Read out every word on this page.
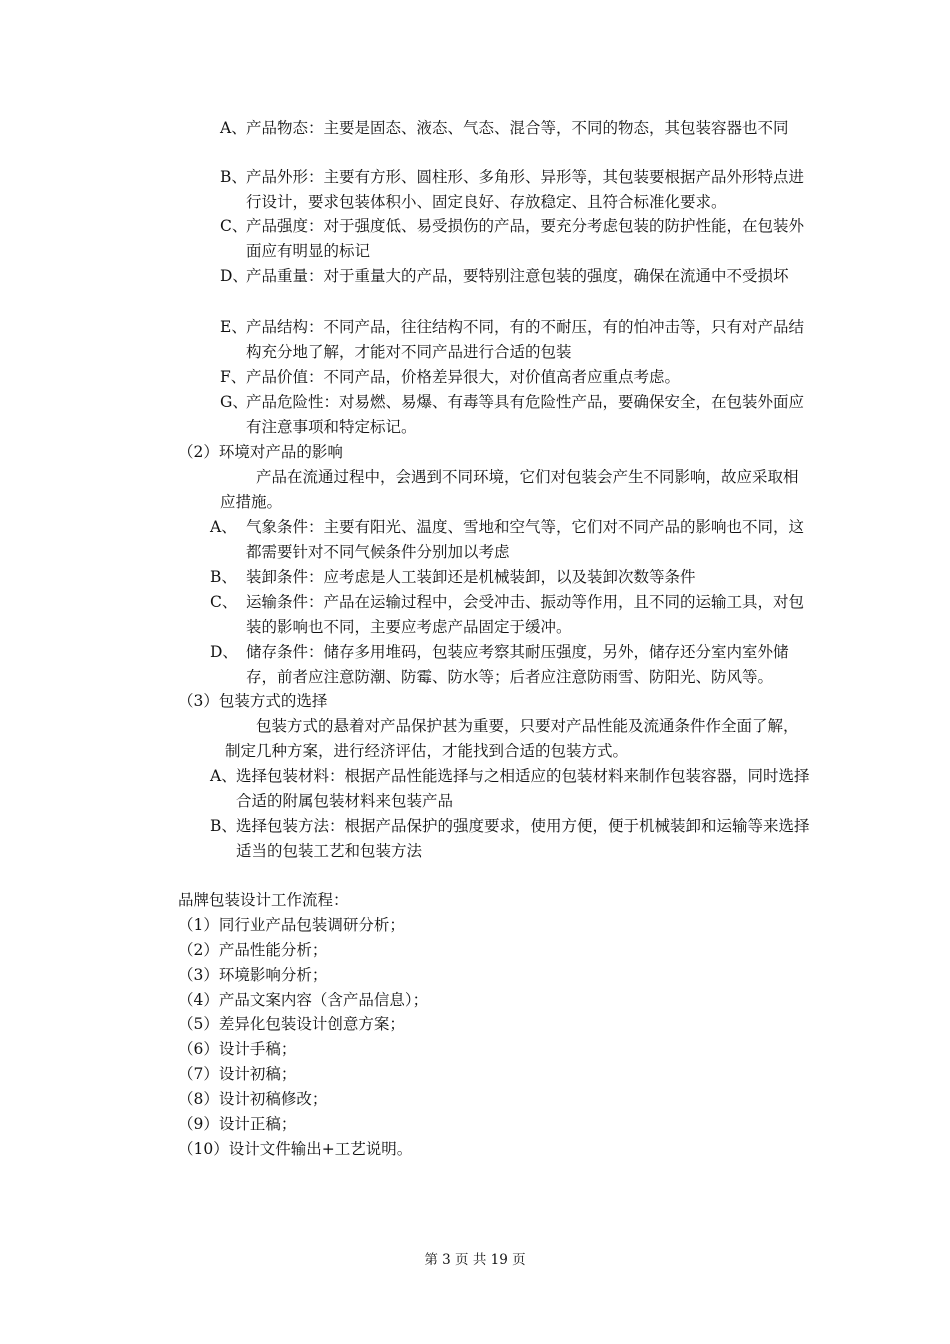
A、 产品物态：主要是固态、液态、气态、混合等，不同的物态，其包装容器也不同
B、 产品外形：主要有方形、圆柱形、多角形、异形等，其包装要根据产品外形特点进行设计，要求包装体积小、固定良好、存放稳定、且符合标准化要求。
C、
产品强度：对于强度低、易受损伤的产品，要充分考虑包装的防护性能，在包装外面应有明显的标记
D、
产品重量：对于重量大的产品，要特别注意包装的强度，确保在流通中不受损坏
E、 产品结构：不同产品，往往结构不同，有的不耐压，有的怕冲击等，只有对产品结构充分地了解，才能对不同产品进行合适的包装
F、 产品价值：不同产品，价格差异很大，对价值高者应重点考虑。
G、
产品危险性：对易燃、易爆、有毒等具有危险性产品，要确保安全，在包装外面应有注意事项和特定标记。

（2）环境对产品的影响

产品在流通过程中，会遇到不同环境，它们对包装会产生不同影响，故应采取相应措施。

A、 气象条件：主要有阳光、温度、雪地和空气等，它们对不同产品的影响也不同，这都需要针对不同气候条件分别加以考虑
B、 装卸条件：应考虑是人工装卸还是机械装卸，以及装卸次数等条件
C、 运输条件：产品在运输过程中，会受冲击、振动等作用，且不同的运输工具，对包装的影响也不同，主要应考虑产品固定于缓冲。
D、 储存条件：储存多用堆码，包装应考察其耐压强度，另外，储存还分室内室外储存，前者应注意防潮、防霉、防水等；后者应注意防雨雪、防阳光、防风等。

（3）包装方式的选择

包装方式的悬着对产品保护甚为重要，只要对产品性能及流通条件作全面了解，制定几种方案，进行经济评估，才能找到合适的包装方式。

A、 选择包装材料：根据产品性能选择与之相适应的包装材料来制作包装容器，同时选择合适的附属包装材料来包装产品
B、 选择包装方法：根据产品保护的强度要求，使用方便，便于机械装卸和运输等来选择适当的包装工艺和包装方法

品牌包装设计工作流程：

（1）同行业产品包装调研分析；

（2）产品性能分析；

（3）环境影响分析；

（4）产品文案内容（含产品信息）；

（5）差异化包装设计创意方案；

（6）设计手稿；

（7）设计初稿；

（8）设计初稿修改；

（9）设计正稿；

（10）设计文件输出+工艺说明。

第 3 页 共 19 页
